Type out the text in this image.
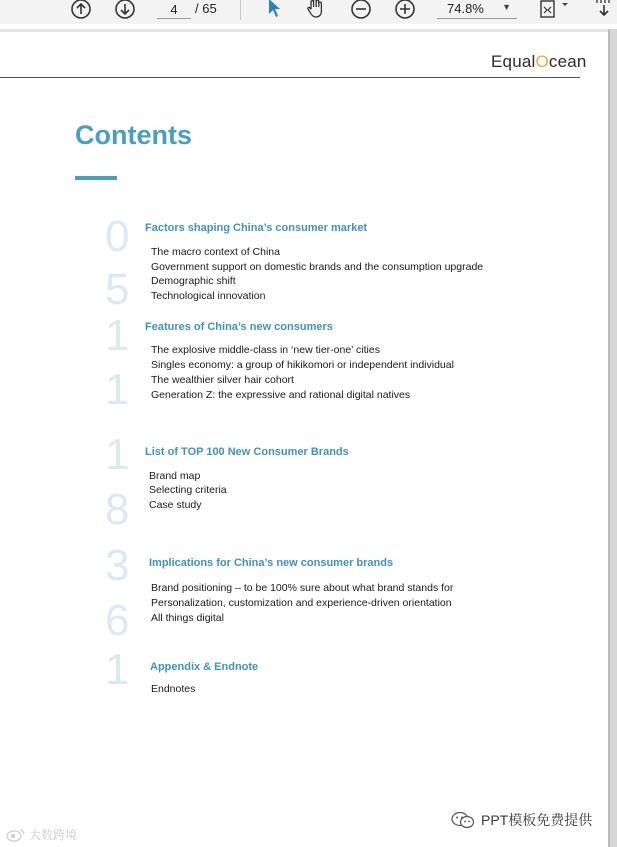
4
/ 65	74.8% ▼
Equal O cean
Contents
0
5
Factors shaping China’s consumer market
The macro context of China
Government support on domestic brands and the consumption upgrade
Demographic shift
Technological innovation
1
1
Features of China’s new consumers
The explosive middle-class in ‘new tier-one’ cities
Singles economy: a group of hikikomori or independent individual
The wealthier silver hair cohort
Generation Z: the expressive and rational digital natives
1
8
List of TOP 100 New Consumer Brands
Brand map
Selecting criteria
Case study
3
6
Implications for China’s new consumer brands
Brand positioning – to be 100% sure about what brand stands for
Personalization, customization and experience-driven orientation
All things digital
1 Appendix & Endnote
Endnotes
大数跨境
PPT模板免费提供
